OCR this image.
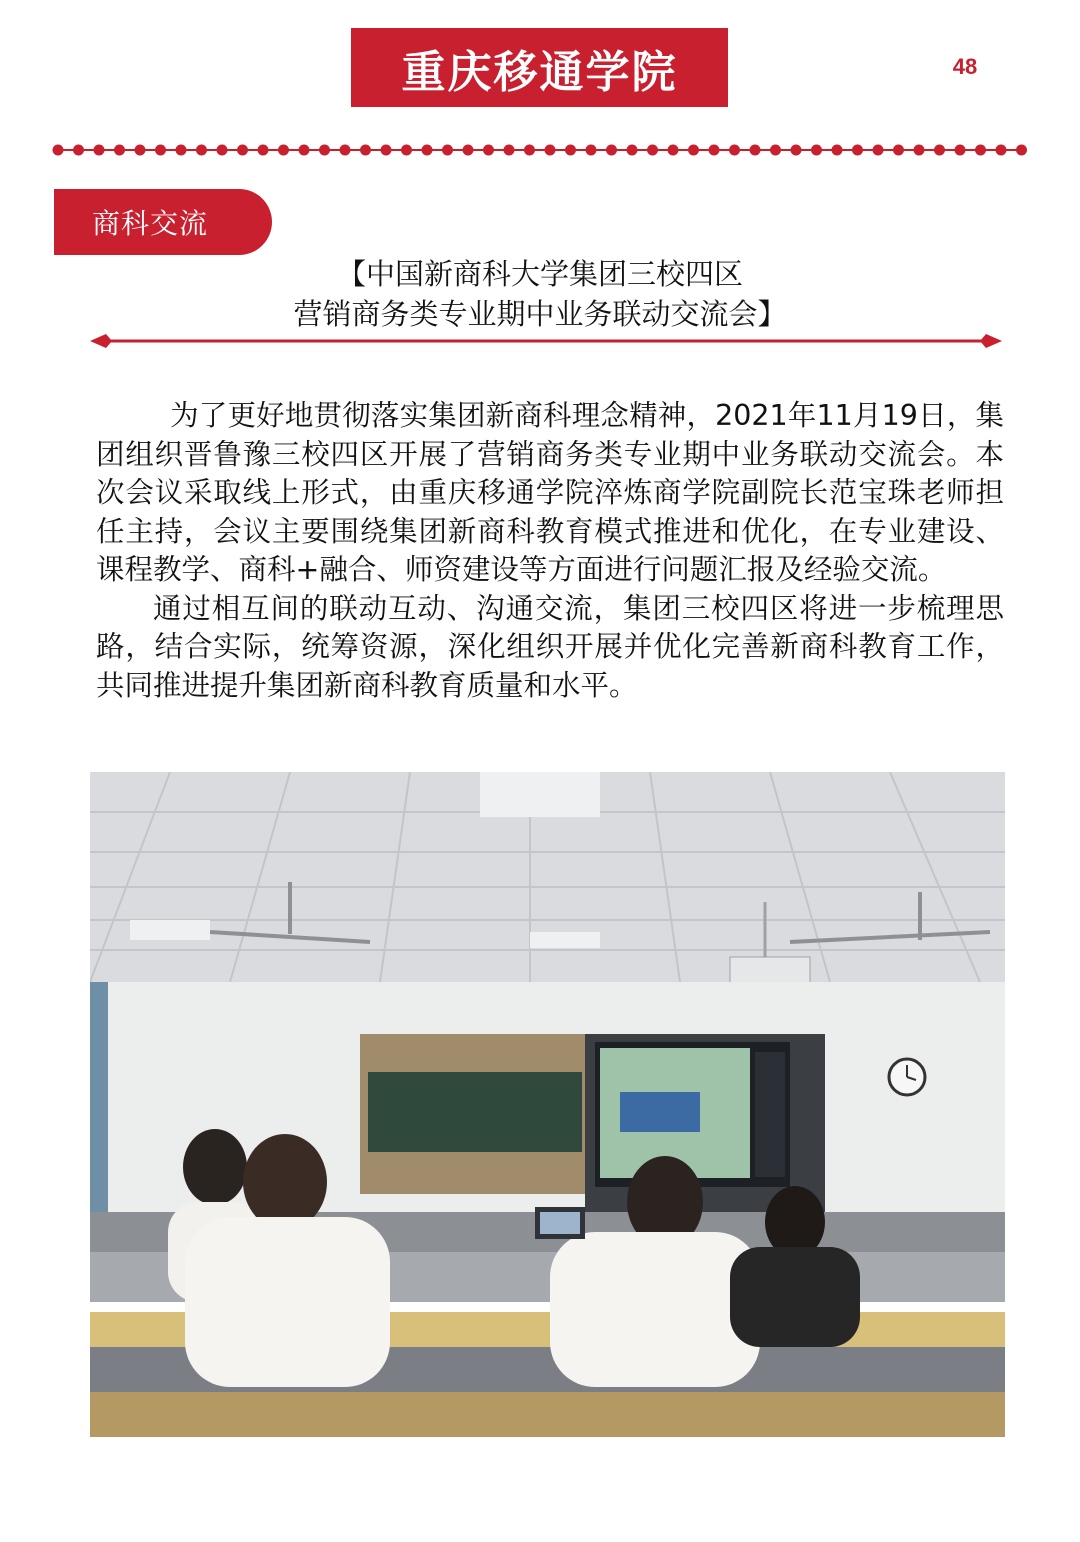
重庆移通学院	48
商科交流
【中国新商科大学集团三校四区
营销商务类专业期中业务联动交流会】

为了更好地贯彻落实集团新商科理念精神，2021年11月19日，集团组织晋鲁豫三校四区开展了营销商务类专业期中业务联动交流会。本次会议采取线上形式，由重庆移通学院淬炼商学院副院长范宝珠老师担任主持，会议主要围绕集团新商科教育模式推进和优化，在专业建设、课程教学、商科+融合、师资建设等方面进行问题汇报及经验交流。

通过相互间的联动互动、沟通交流，集团三校四区将进一步梳理思路，结合实际，统筹资源，深化组织开展并优化完善新商科教育工作，共同推进提升集团新商科教育质量和水平。
